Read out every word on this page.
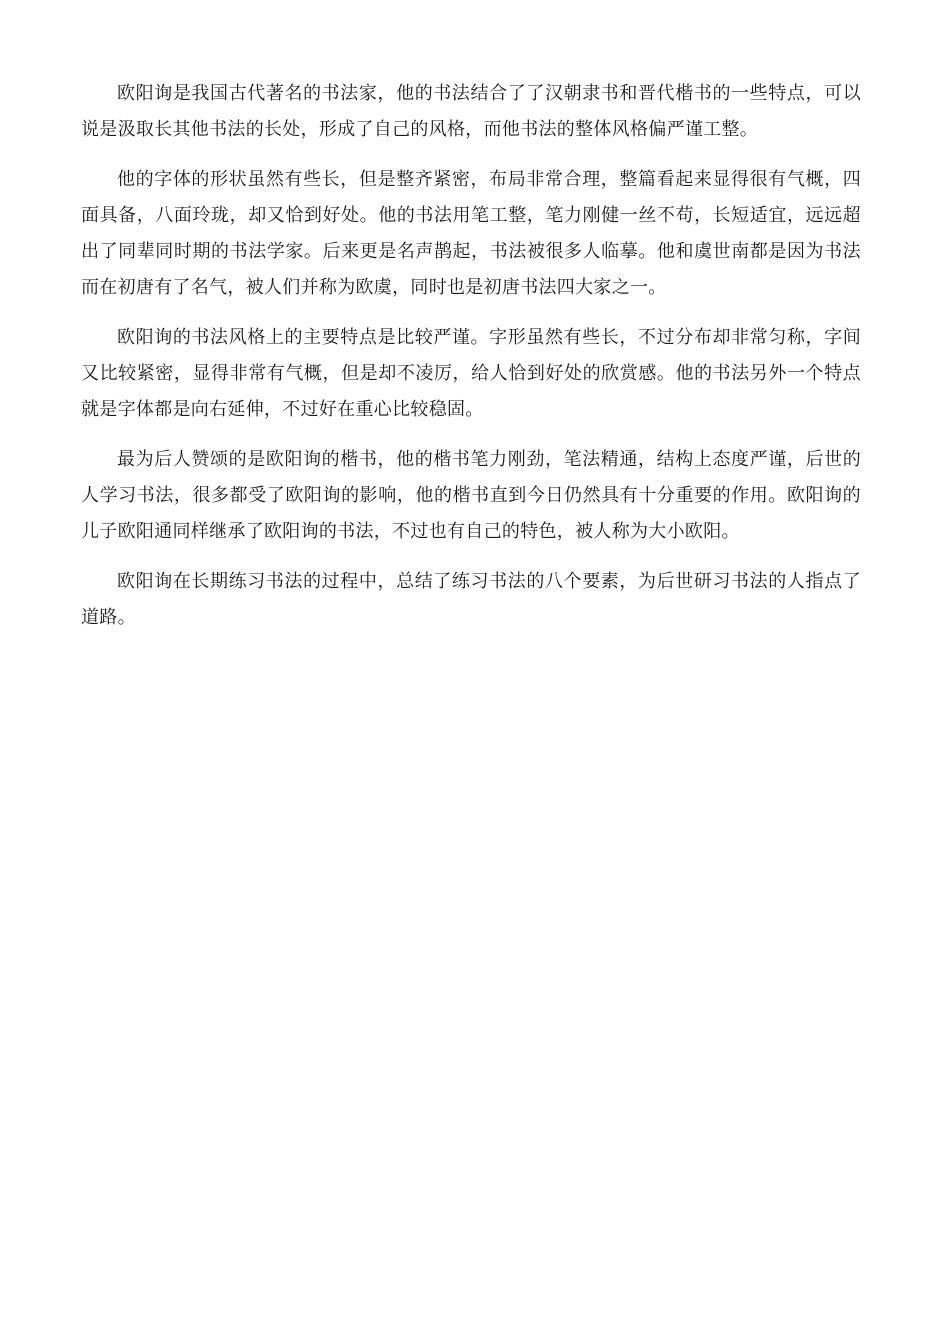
欧阳询是我国古代著名的书法家，他的书法结合了了汉朝隶书和晋代楷书的一些特点，可以说是汲取长其他书法的长处，形成了自己的风格，而他书法的整体风格偏严谨工整。

他的字体的形状虽然有些长，但是整齐紧密，布局非常合理，整篇看起来显得很有气概，四面具备，八面玲珑，却又恰到好处。他的书法用笔工整，笔力刚健一丝不苟，长短适宜，远远超出了同辈同时期的书法学家。后来更是名声鹊起，书法被很多人临摹。他和虞世南都是因为书法而在初唐有了名气，被人们并称为欧虞，同时也是初唐书法四大家之一。

欧阳询的书法风格上的主要特点是比较严谨。字形虽然有些长，不过分布却非常匀称，字间又比较紧密，显得非常有气概，但是却不凌厉，给人恰到好处的欣赏感。他的书法另外一个特点就是字体都是向右延伸，不过好在重心比较稳固。

最为后人赞颂的是欧阳询的楷书，他的楷书笔力刚劲，笔法精通，结构上态度严谨，后世的人学习书法，很多都受了欧阳询的影响，他的楷书直到今日仍然具有十分重要的作用。欧阳询的儿子欧阳通同样继承了欧阳询的书法，不过也有自己的特色，被人称为大小欧阳。

欧阳询在长期练习书法的过程中，总结了练习书法的八个要素，为后世研习书法的人指点了道路。
